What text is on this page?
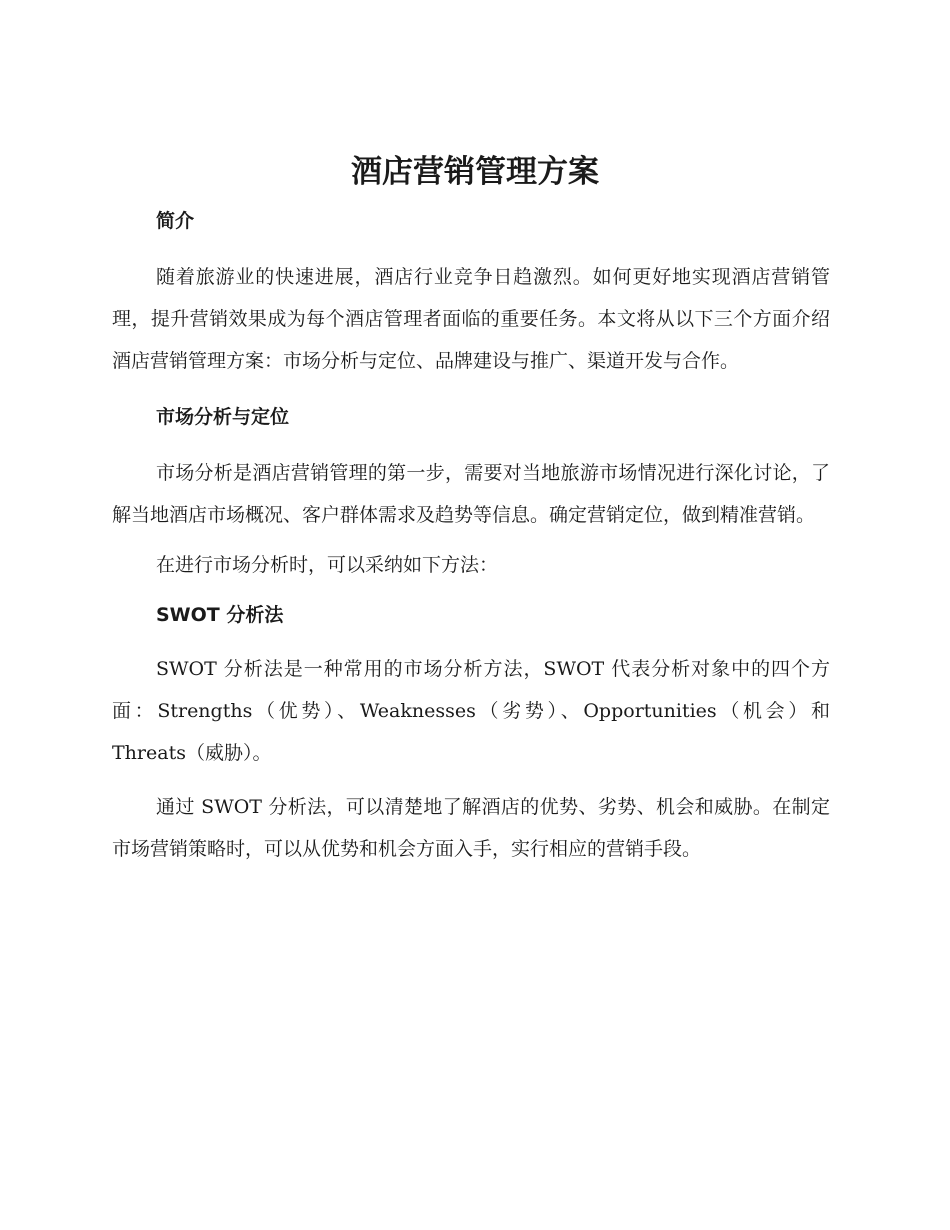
酒店营销管理方案

简介

随着旅游业的快速进展，酒店行业竞争日趋激烈。如何更好地实现酒店营销管理，提升营销效果成为每个酒店管理者面临的重要任务。本文将从以下三个方面介绍酒店营销管理方案：市场分析与定位、品牌建设与推广、渠道开发与合作。

市场分析与定位

市场分析是酒店营销管理的第一步，需要对当地旅游市场情况进行深化讨论，了解当地酒店市场概况、客户群体需求及趋势等信息。确定营销定位，做到精准营销。

在进行市场分析时，可以采纳如下方法：

SWOT 分析法

SWOT 分析法是一种常用的市场分析方法，SWOT 代表分析对象中的四个方面：Strengths（优势）、Weaknesses（劣势）、Opportunities（机会）和 Threats（威胁）。

通过 SWOT 分析法，可以清楚地了解酒店的优势、劣势、机会和威胁。在制定市场营销策略时，可以从优势和机会方面入手，实行相应的营销手段。
